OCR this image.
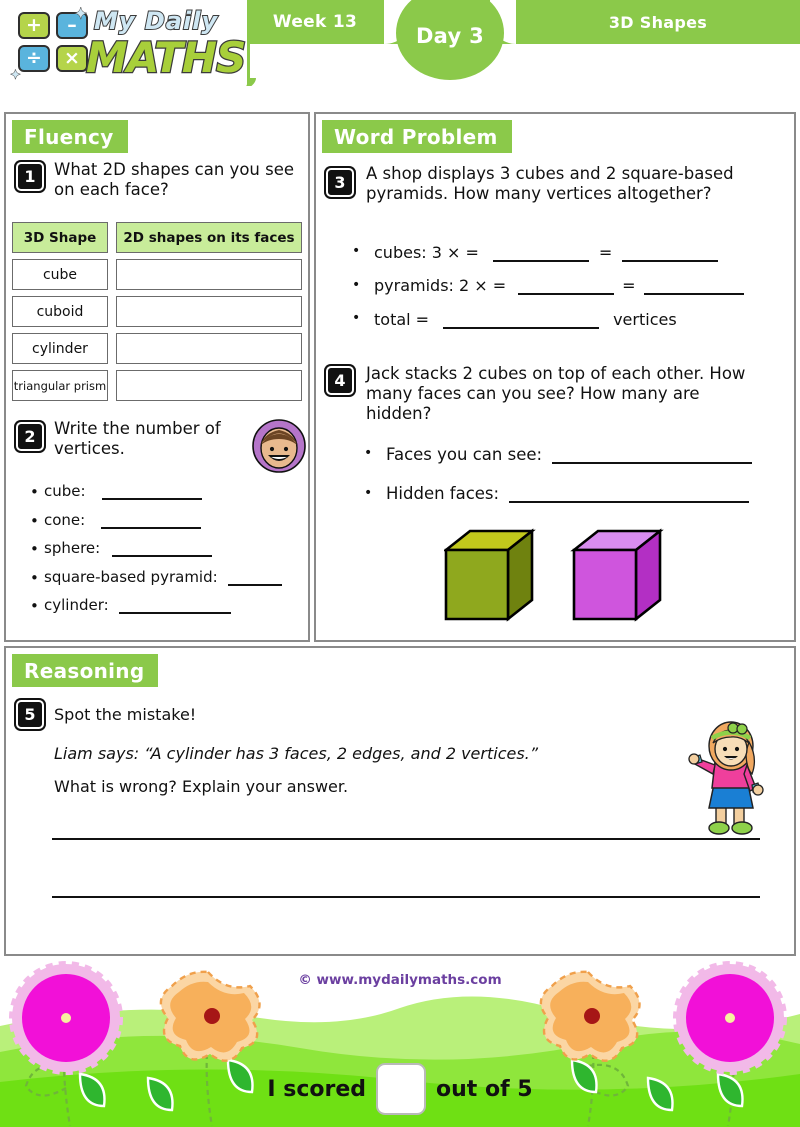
Week 13
Day 3
3D Shapes
+	–
÷	×
My Daily
MATHS
✦
✦
Fluency
1	What 2D shapes can you see on each face?
3D Shape	2D shapes on its faces
cube
cuboid
cylinder
triangular prism
2	Write the number of vertices.
• cube:
• cone:
• sphere:
• square-based pyramid:
• cylinder:
Word Problem
3	A shop displays 3 cubes and 2 square-based pyramids. How many vertices altogether?
• cubes: 3 × =	=
• pyramids: 2 × =	=
• total =	vertices
4	Jack stacks 2 cubes on top of each other. How many faces can you see? How many are hidden?
• Faces you can see:
• Hidden faces:
Reasoning
5	Spot the mistake!
Liam says: “A cylinder has 3 faces, 2 edges, and 2 vertices.”
What is wrong? Explain your answer.
© www.mydailymaths.com
I scored	out of 5
